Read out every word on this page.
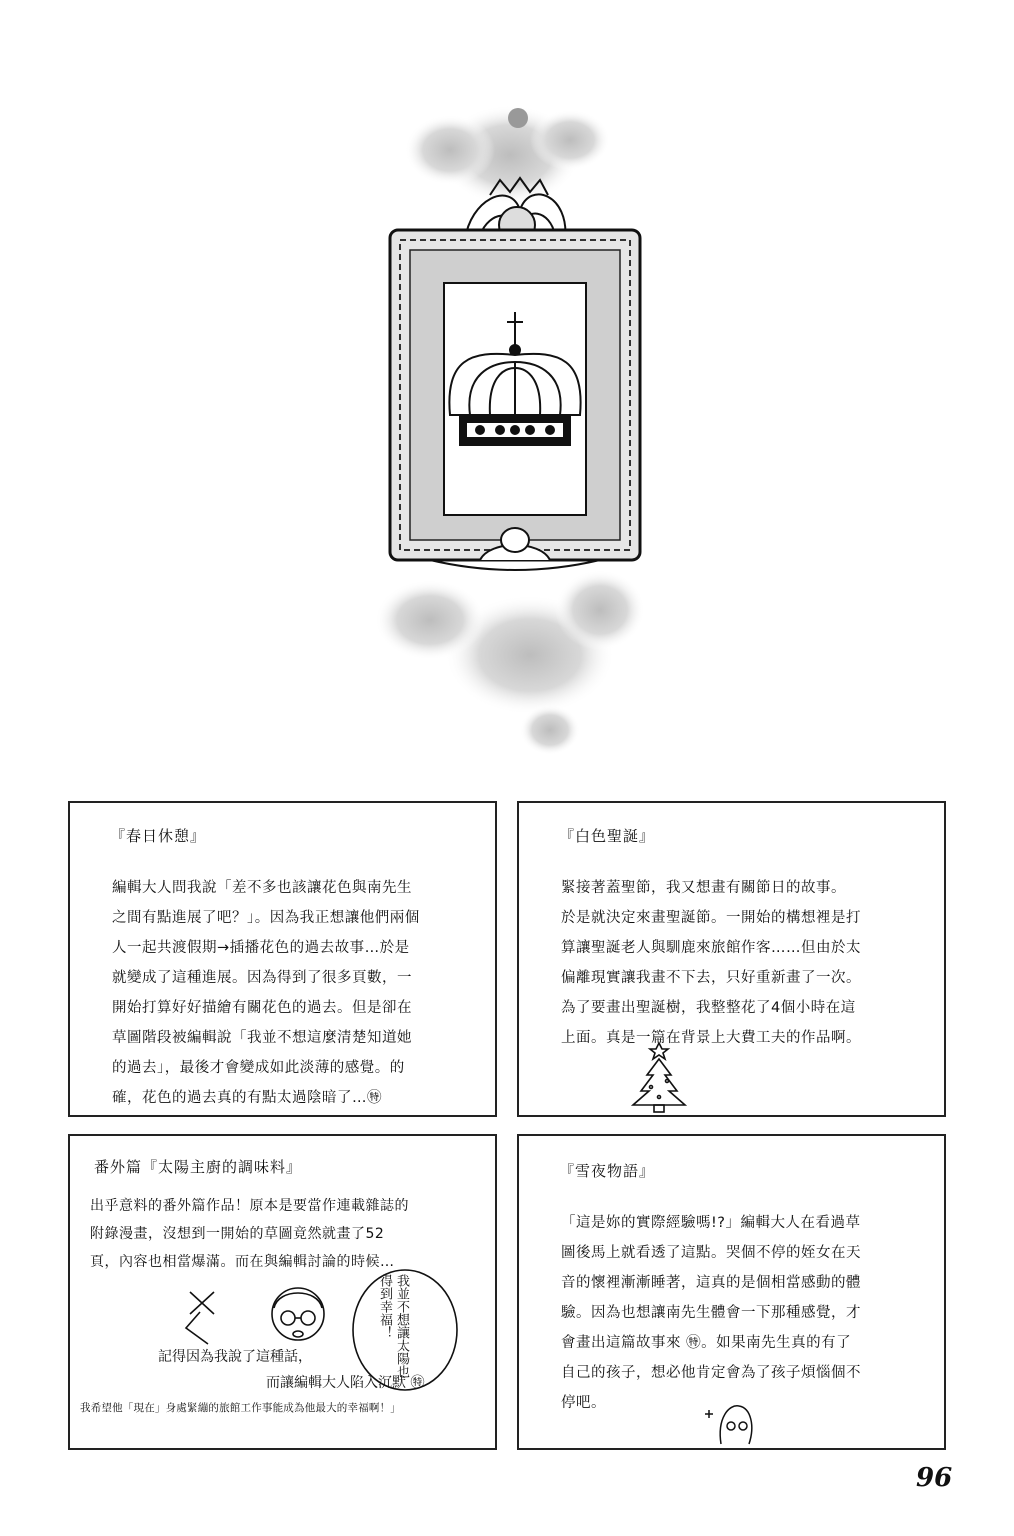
『春日休憩』
編輯大人問我說「差不多也該讓花色與南先生
之間有點進展了吧？」。因為我正想讓他們兩個
人一起共渡假期→插播花色的過去故事…於是
就變成了這種進展。因為得到了很多頁數，一
開始打算好好描繪有關花色的過去。但是卻在
草圖階段被編輯說「我並不想這麼清楚知道她
的過去」，最後才會變成如此淡薄的感覺。的
確，花色的過去真的有點太過陰暗了…㊕
『白色聖誕』
緊接著蓋聖節，我又想畫有關節日的故事。
於是就決定來畫聖誕節。一開始的構想裡是打
算讓聖誕老人與馴鹿來旅館作客……但由於太
偏離現實讓我畫不下去，只好重新畫了一次。
為了要畫出聖誕樹，我整整花了4個小時在這
上面。真是一篇在背景上大費工夫的作品啊。
番外篇『太陽主廚的調味料』
出乎意料的番外篇作品！原本是要當作連載雜誌的
附錄漫畫，沒想到一開始的草圖竟然就畫了52
頁，內容也相當爆滿。而在與編輯討論的時候…
我並不想讓太陽也得到幸福！
記得因為我說了這種話，
而讓編輯大人陷入沉默 ㊕
我希望他「現在」身處緊繃的旅館工作事能成為他最大的幸福啊！」
『雪夜物語』
「這是妳的實際經驗嗎!?」編輯大人在看過草
圖後馬上就看透了這點。哭個不停的姪女在天
音的懷裡漸漸睡著，這真的是個相當感動的體
驗。因為也想讓南先生體會一下那種感覺，才
會畫出這篇故事來 ㊕。如果南先生真的有了
自己的孩子，想必他肯定會為了孩子煩惱個不
停吧。
96
